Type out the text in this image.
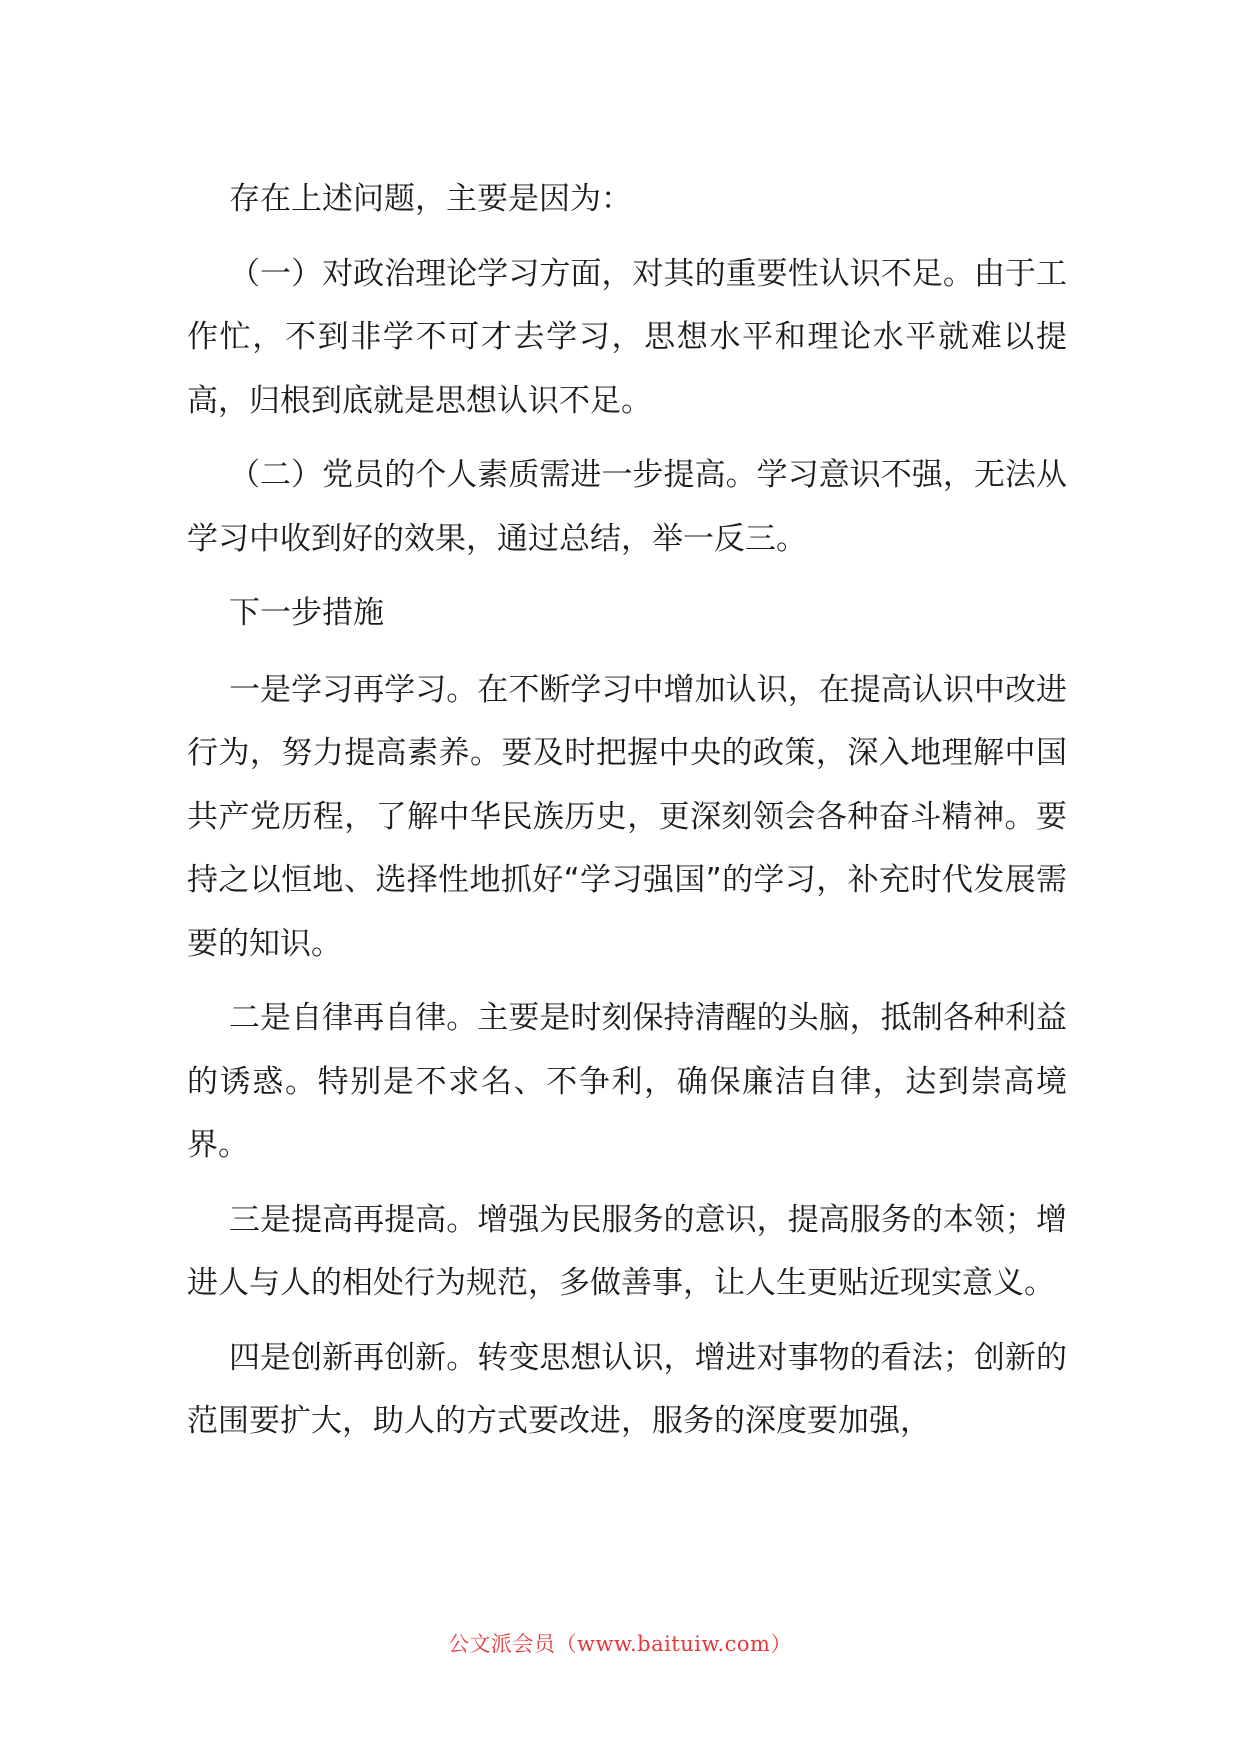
存在上述问题，主要是因为：

（一）对政治理论学习方面，对其的重要性认识不足。由于工作忙，不到非学不可才去学习，思想水平和理论水平就难以提高，归根到底就是思想认识不足。

（二）党员的个人素质需进一步提高。学习意识不强，无法从学习中收到好的效果，通过总结，举一反三。

下一步措施

一是学习再学习。在不断学习中增加认识，在提高认识中改进行为，努力提高素养。要及时把握中央的政策，深入地理解中国共产党历程，了解中华民族历史，更深刻领会各种奋斗精神。要持之以恒地、选择性地抓好“学习强国”的学习，补充时代发展需要的知识。

二是自律再自律。主要是时刻保持清醒的头脑，抵制各种利益的诱惑。特别是不求名、不争利，确保廉洁自律，达到崇高境界。

三是提高再提高。增强为民服务的意识，提高服务的本领；增进人与人的相处行为规范，多做善事，让人生更贴近现实意义。

四是创新再创新。转变思想认识，增进对事物的看法；创新的范围要扩大，助人的方式要改进，服务的深度要加强，

公文派会员（www.baituiw.com）
